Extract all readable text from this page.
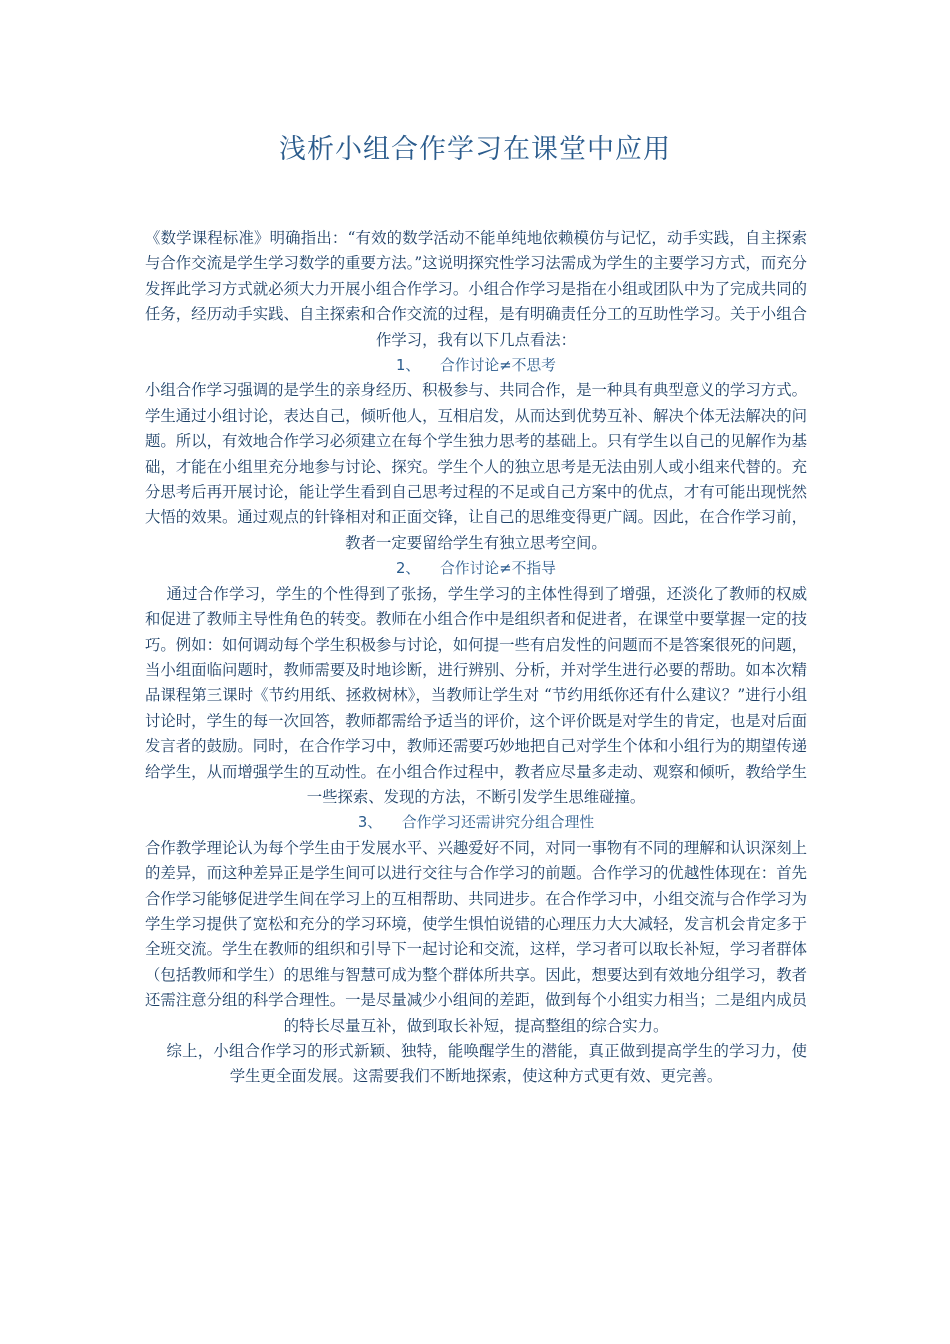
浅析小组合作学习在课堂中应用

《数学课程标准》明确指出：“有效的数学活动不能单纯地依赖模仿与记忆，动手实践，自主探索与合作交流是学生学习数学的重要方法。”这说明探究性学习法需成为学生的主要学习方式，而充分发挥此学习方式就必须大力开展小组合作学习。小组合作学习是指在小组或团队中为了完成共同的任务，经历动手实践、自主探索和合作交流的过程，是有明确责任分工的互助性学习。关于小组合作学习，我有以下几点看法：

1、 合作讨论≠不思考

小组合作学习强调的是学生的亲身经历、积极参与、共同合作，是一种具有典型意义的学习方式。学生通过小组讨论，表达自己，倾听他人，互相启发，从而达到优势互补、解决个体无法解决的问题。所以，有效地合作学习必须建立在每个学生独力思考的基础上。只有学生以自己的见解作为基础，才能在小组里充分地参与讨论、探究。学生个人的独立思考是无法由别人或小组来代替的。充分思考后再开展讨论，能让学生看到自己思考过程的不足或自己方案中的优点，才有可能出现恍然大悟的效果。通过观点的针锋相对和正面交锋，让自己的思维变得更广阔。因此，在合作学习前，教者一定要留给学生有独立思考空间。

2、 合作讨论≠不指导

通过合作学习，学生的个性得到了张扬，学生学习的主体性得到了增强，还淡化了教师的权威和促进了教师主导性角色的转变。教师在小组合作中是组织者和促进者，在课堂中要掌握一定的技巧。例如：如何调动每个学生积极参与讨论，如何提一些有启发性的问题而不是答案很死的问题，当小组面临问题时，教师需要及时地诊断，进行辨别、分析，并对学生进行必要的帮助。如本次精品课程第三课时《节约用纸、拯救树林》，当教师让学生对 “节约用纸你还有什么建议？”进行小组讨论时，学生的每一次回答，教师都需给予适当的评价，这个评价既是对学生的肯定，也是对后面发言者的鼓励。同时，在合作学习中，教师还需要巧妙地把自己对学生个体和小组行为的期望传递给学生，从而增强学生的互动性。在小组合作过程中，教者应尽量多走动、观察和倾听，教给学生一些探索、发现的方法，不断引发学生思维碰撞。

3、 合作学习还需讲究分组合理性

合作教学理论认为每个学生由于发展水平、兴趣爱好不同，对同一事物有不同的理解和认识深刻上的差异，而这种差异正是学生间可以进行交往与合作学习的前题。合作学习的优越性体现在：首先合作学习能够促进学生间在学习上的互相帮助、共同进步。在合作学习中，小组交流与合作学习为学生学习提供了宽松和充分的学习环境，使学生惧怕说错的心理压力大大减轻，发言机会肯定多于全班交流。学生在教师的组织和引导下一起讨论和交流，这样，学习者可以取长补短，学习者群体（包括教师和学生）的思维与智慧可成为整个群体所共享。因此，想要达到有效地分组学习，教者还需注意分组的科学合理性。一是尽量减少小组间的差距，做到每个小组实力相当；二是组内成员的特长尽量互补，做到取长补短，提高整组的综合实力。

综上，小组合作学习的形式新颖、独特，能唤醒学生的潜能，真正做到提高学生的学习力，使学生更全面发展。这需要我们不断地探索，使这种方式更有效、更完善。
